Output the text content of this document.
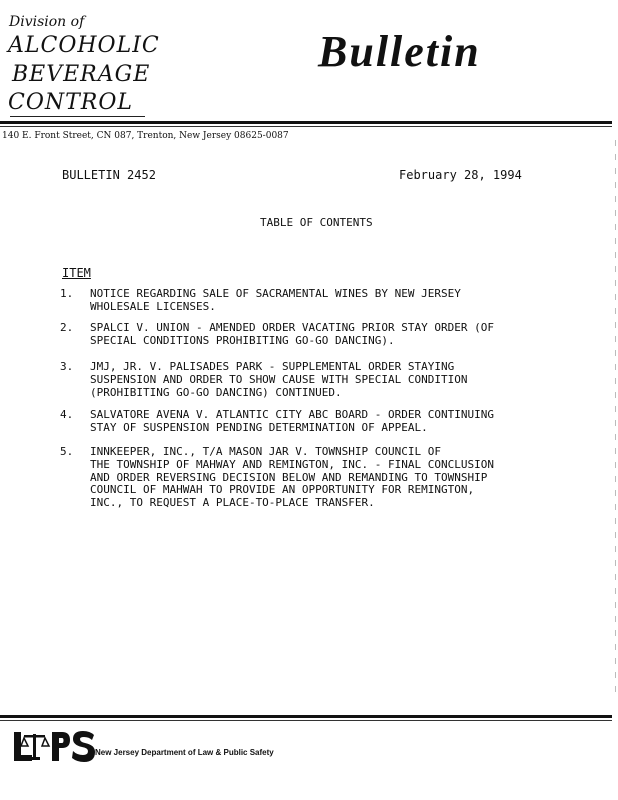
Division of
ALCOHOLIC
BEVERAGE
CONTROL
Bulletin
140 E. Front Street, CN 087, Trenton, New Jersey 08625-0087
BULLETIN 2452	February 28, 1994
TABLE OF CONTENTS
ITEM
1. NOTICE REGARDING SALE OF SACRAMENTAL WINES BY NEW JERSEY
WHOLESALE LICENSES.
2. SPALCI V. UNION - AMENDED ORDER VACATING PRIOR STAY ORDER (OF
SPECIAL CONDITIONS PROHIBITING GO-GO DANCING).
3. JMJ, JR. V. PALISADES PARK - SUPPLEMENTAL ORDER STAYING
SUSPENSION AND ORDER TO SHOW CAUSE WITH SPECIAL CONDITION
(PROHIBITING GO-GO DANCING) CONTINUED.
4. SALVATORE AVENA V. ATLANTIC CITY ABC BOARD - ORDER CONTINUING
STAY OF SUSPENSION PENDING DETERMINATION OF APPEAL.
5. INNKEEPER, INC., T/A MASON JAR V. TOWNSHIP COUNCIL OF
THE TOWNSHIP OF MAHWAY AND REMINGTON, INC. - FINAL CONCLUSION
AND ORDER REVERSING DECISION BELOW AND REMANDING TO TOWNSHIP
COUNCIL OF MAHWAH TO PROVIDE AN OPPORTUNITY FOR REMINGTON,
INC., TO REQUEST A PLACE-TO-PLACE TRANSFER.
New Jersey Department of Law & Public Safety
